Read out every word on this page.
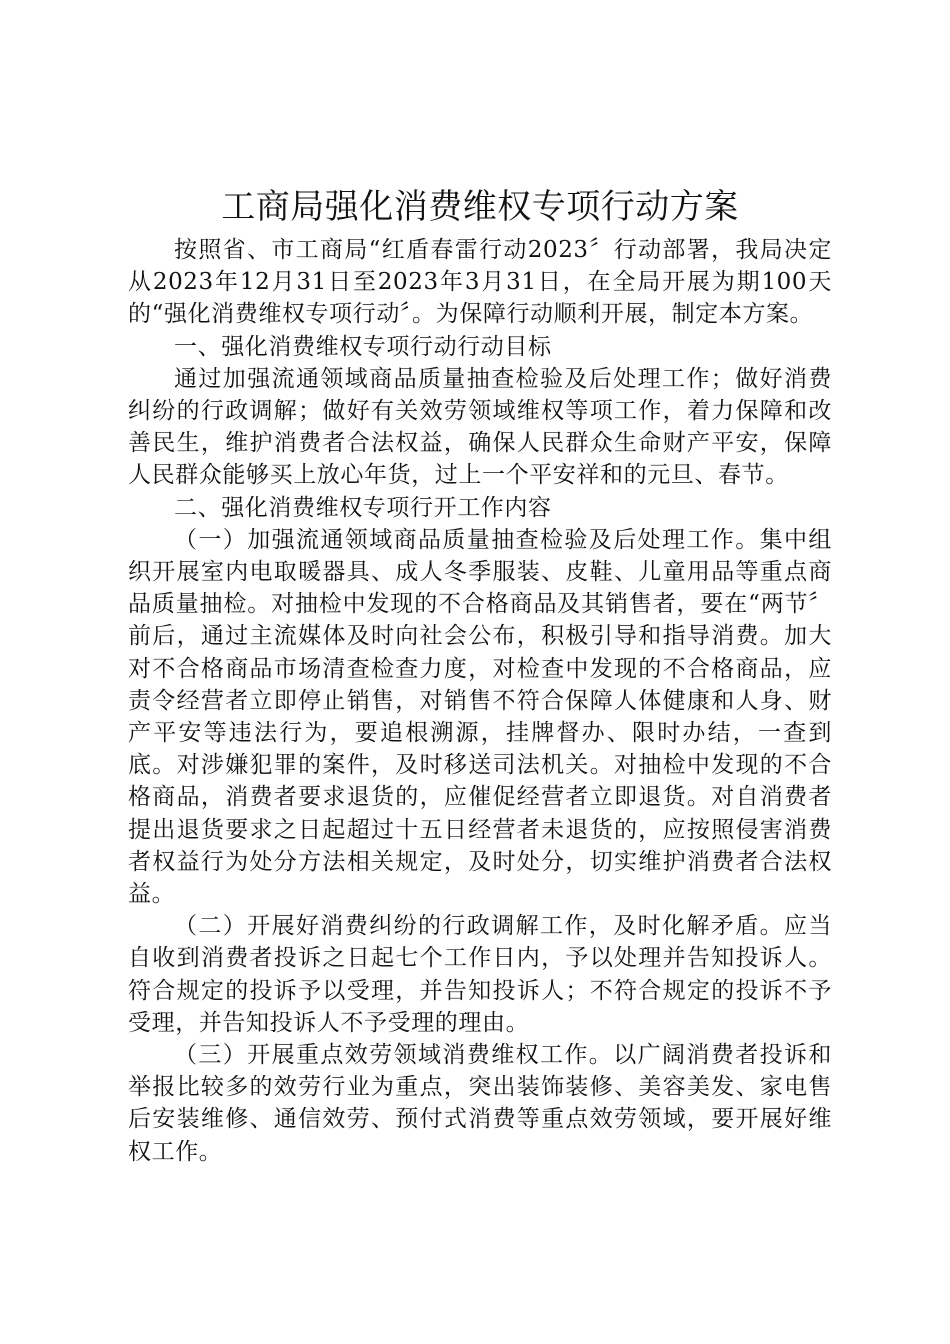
工商局强化消费维权专项行动方案

按照省、市工商局“红盾春雷行动2023〞行动部署，我局决定从2023年12月31日至2023年3月31日，在全局开展为期100天的“强化消费维权专项行动〞。为保障行动顺利开展，制定本方案。

一、强化消费维权专项行动行动目标

通过加强流通领域商品质量抽查检验及后处理工作；做好消费纠纷的行政调解；做好有关效劳领域维权等项工作，着力保障和改善民生，维护消费者合法权益，确保人民群众生命财产平安，保障人民群众能够买上放心年货，过上一个平安祥和的元旦、春节。

二、强化消费维权专项行开工作内容

（一）加强流通领域商品质量抽查检验及后处理工作。集中组织开展室内电取暖器具、成人冬季服装、皮鞋、儿童用品等重点商品质量抽检。对抽检中发现的不合格商品及其销售者，要在“两节〞前后，通过主流媒体及时向社会公布，积极引导和指导消费。加大对不合格商品市场清查检查力度，对检查中发现的不合格商品，应责令经营者立即停止销售，对销售不符合保障人体健康和人身、财产平安等违法行为，要追根溯源，挂牌督办、限时办结，一查到底。对涉嫌犯罪的案件，及时移送司法机关。对抽检中发现的不合格商品，消费者要求退货的，应催促经营者立即退货。对自消费者提出退货要求之日起超过十五日经营者未退货的，应按照侵害消费者权益行为处分方法相关规定，及时处分，切实维护消费者合法权益。

（二）开展好消费纠纷的行政调解工作，及时化解矛盾。应当自收到消费者投诉之日起七个工作日内，予以处理并告知投诉人。符合规定的投诉予以受理，并告知投诉人；不符合规定的投诉不予受理，并告知投诉人不予受理的理由。

（三）开展重点效劳领域消费维权工作。以广阔消费者投诉和举报比较多的效劳行业为重点，突出装饰装修、美容美发、家电售后安装维修、通信效劳、预付式消费等重点效劳领域，要开展好维权工作。
